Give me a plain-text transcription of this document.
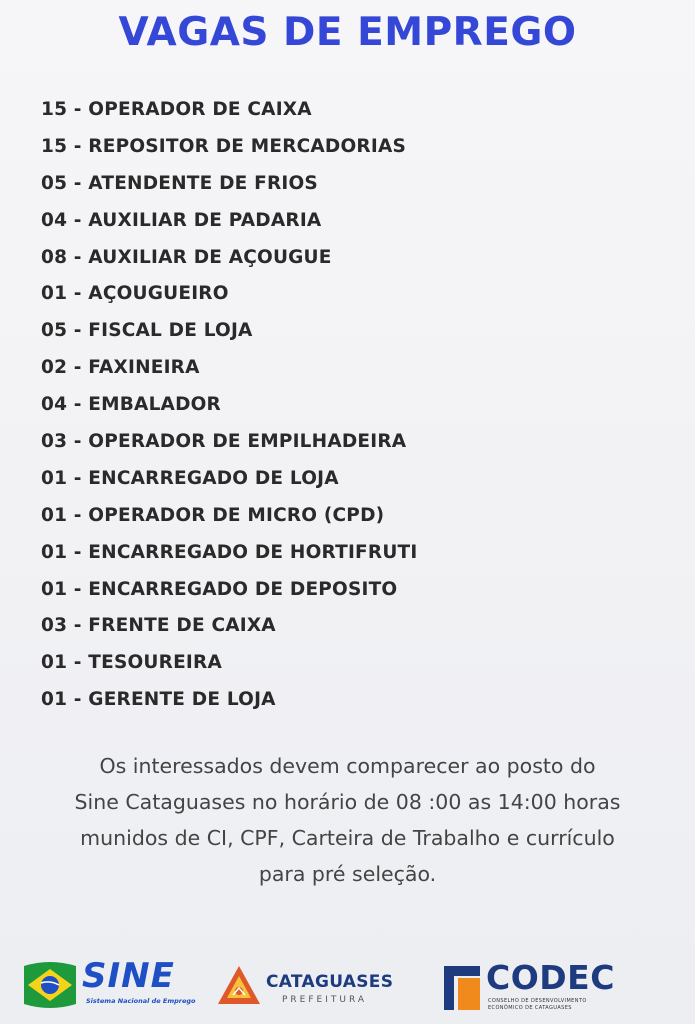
VAGAS DE EMPREGO
15 - OPERADOR DE CAIXA
15 - REPOSITOR DE MERCADORIAS
05 - ATENDENTE DE FRIOS
04 - AUXILIAR DE PADARIA
08 - AUXILIAR DE AÇOUGUE
01 - AÇOUGUEIRO
05 - FISCAL DE LOJA
02 - FAXINEIRA
04 - EMBALADOR
03 - OPERADOR DE EMPILHADEIRA
01 - ENCARREGADO DE LOJA
01 - OPERADOR DE MICRO (CPD)
01 - ENCARREGADO DE HORTIFRUTI
01 - ENCARREGADO DE DEPOSITO
03 - FRENTE DE CAIXA
01 - TESOUREIRA
01 - GERENTE DE LOJA
Os interessados devem comparecer ao posto do
Sine Cataguases no horário de 08 :00 as 14:00 horas
munidos de CI, CPF, Carteira de Trabalho e currículo
para pré seleção.
SINE
Sistema Nacional de Emprego
CATAGUASES
PREFEITURA
CODEC
CONSELHO DE DESENVOLVIMENTO ECONÔMICO DE CATAGUASES
